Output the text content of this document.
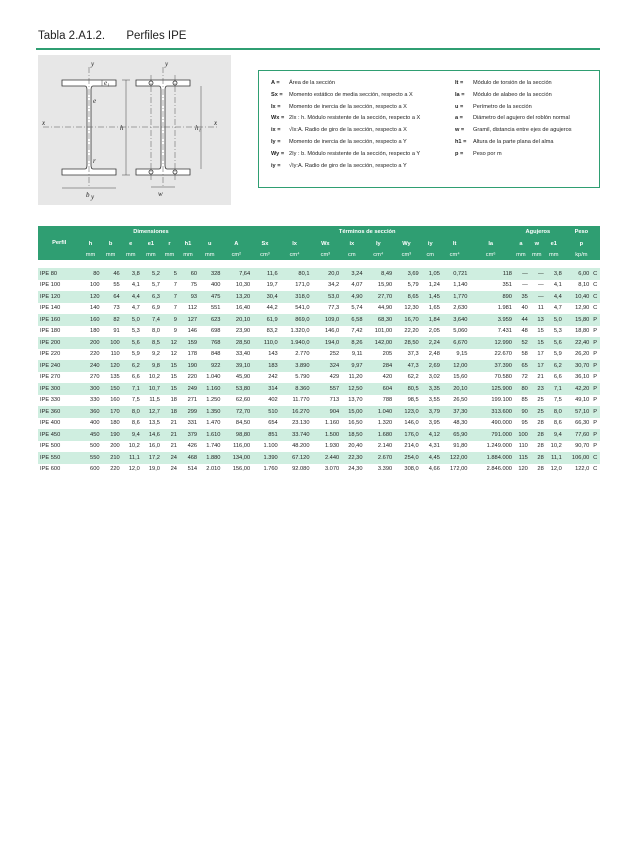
Tabla 2.A1.2. Perfiles IPE
y	y
y
x	x
h	h₁
e
r
b
e₁
w
A = Área de la sección
Sx = Momento estático de media sección, respecto a X
Ix = Momento de inercia de la sección, respecto a X
Wx = 2Ix : h. Módulo resistente de la sección, respecto a X
ix = √Ix:A. Radio de giro de la sección, respecto a X
Iy = Momento de inercia de la sección, respecto a Y
Wy = 2Iy : b. Módulo resistente de la sección, respecto a Y
iy = √Iy:A. Radio de giro de la sección, respecto a Y
It = Módulo de torsión de la sección
Ia = Módulo de alabeo de la sección
u = Perímetro de la sección
a = Diámetro del agujero del roblón normal
w = Gramil, distancia entre ejes de agujeros
h1 = Altura de la parte plana del alma
p = Peso por m
Perfil	Dimensiones							Términos de sección										Agujeros			Peso	
	h	b	e	e1	r	h1	u	A	Sx	Ix	Wx	ix	Iy	Wy	iy	It	Ia	a	w	e1	p	
	mm	mm	mm	mm	mm	mm	mm	cm²	cm³	cm⁴	cm³	cm	cm⁴	cm³	cm	cm⁴	cm⁶	mm	mm	mm	kp/m	

IPE 80	80	46	3,8	5,2	5	60	328	7,64	11,6	80,1	20,0	3,24	8,49	3,69	1,05	0,721	118	—	—	3,8	6,00	C
IPE 100	100	55	4,1	5,7	7	75	400	10,30	19,7	171,0	34,2	4,07	15,90	5,79	1,24	1,140	351	—	—	4,1	8,10	C
IPE 120	120	64	4,4	6,3	7	93	475	13,20	30,4	318,0	53,0	4,90	27,70	8,65	1,45	1,770	890	35	—	4,4	10,40	C
IPE 140	140	73	4,7	6,9	7	112	551	16,40	44,2	541,0	77,3	5,74	44,90	12,30	1,65	2,630	1.981	40	11	4,7	12,90	C
IPE 160	160	82	5,0	7,4	9	127	623	20,10	61,9	869,0	109,0	6,58	68,30	16,70	1,84	3,640	3.959	44	13	5,0	15,80	P
IPE 180	180	91	5,3	8,0	9	146	698	23,90	83,2	1.320,0	146,0	7,42	101,00	22,20	2,05	5,060	7.431	48	15	5,3	18,80	P
IPE 200	200	100	5,6	8,5	12	159	768	28,50	110,0	1.940,0	194,0	8,26	142,00	28,50	2,24	6,670	12.990	52	15	5,6	22,40	P
IPE 220	220	110	5,9	9,2	12	178	848	33,40	143	2.770	252	9,11	205	37,3	2,48	9,15	22.670	58	17	5,9	26,20	P
IPE 240	240	120	6,2	9,8	15	190	922	39,10	183	3.890	324	9,97	284	47,3	2,69	12,00	37.390	65	17	6,2	30,70	P
IPE 270	270	135	6,6	10,2	15	220	1.040	45,90	242	5.790	429	11,20	420	62,2	3,02	15,60	70.580	72	21	6,6	36,10	P
IPE 300	300	150	7,1	10,7	15	249	1.160	53,80	314	8.360	557	12,50	604	80,5	3,35	20,10	125.900	80	23	7,1	42,20	P
IPE 330	330	160	7,5	11,5	18	271	1.250	62,60	402	11.770	713	13,70	788	98,5	3,55	26,50	199.100	85	25	7,5	49,10	P
IPE 360	360	170	8,0	12,7	18	299	1.350	72,70	510	16.270	904	15,00	1.040	123,0	3,79	37,30	313.600	90	25	8,0	57,10	P
IPE 400	400	180	8,6	13,5	21	331	1.470	84,50	654	23.130	1.160	16,50	1.320	146,0	3,95	48,30	490.000	95	28	8,6	66,30	P
IPE 450	450	190	9,4	14,6	21	379	1.610	98,80	851	33.740	1.500	18,50	1.680	176,0	4,12	65,90	791.000	100	28	9,4	77,60	P
IPE 500	500	200	10,2	16,0	21	426	1.740	116,00	1.100	48.200	1.930	20,40	2.140	214,0	4,31	91,80	1.249.000	110	28	10,2	90,70	P
IPE 550	550	210	11,1	17,2	24	468	1.880	134,00	1.390	67.120	2.440	22,30	2.670	254,0	4,45	122,00	1.884.000	115	28	11,1	106,00	C
IPE 600	600	220	12,0	19,0	24	514	2.010	156,00	1.760	92.080	3.070	24,30	3.390	308,0	4,66	172,00	2.846.000	120	28	12,0	122,0	C
